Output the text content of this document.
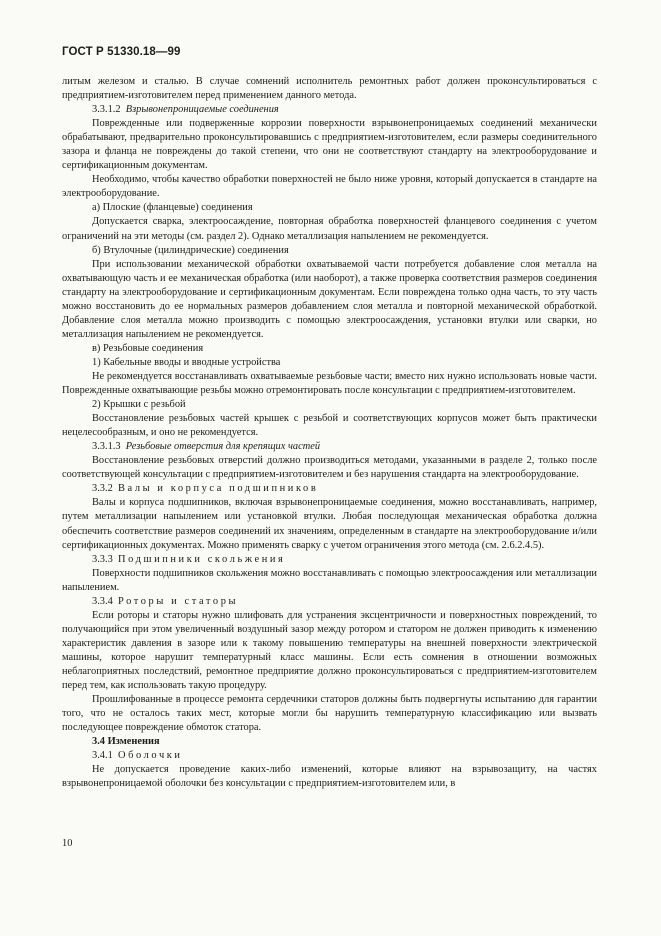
ГОСТ Р 51330.18—99

литым железом и сталью. В случае сомнений исполнитель ремонтных работ должен проконсультироваться с предприятием-изготовителем перед применением данного метода.

3.3.1.2 Взрывонепроницаемые соединения

Поврежденные или подверженные коррозии поверхности взрывонепроницаемых соединений механически обрабатывают, предварительно проконсультировавшись с предприятием-изготовителем, если размеры соединительного зазора и фланца не повреждены до такой степени, что они не соответствуют стандарту на электрооборудование и сертификационным документам.

Необходимо, чтобы качество обработки поверхностей не было ниже уровня, который допускается в стандарте на электрооборудование.

а) Плоские (фланцевые) соединения

Допускается сварка, электроосаждение, повторная обработка поверхностей фланцевого соединения с учетом ограничений на эти методы (см. раздел 2). Однако металлизация напылением не рекомендуется.

б) Втулочные (цилиндрические) соединения

При использовании механической обработки охватываемой части потребуется добавление слоя металла на охватывающую часть и ее механическая обработка (или наоборот), а также проверка соответствия размеров соединения стандарту на электрооборудование и сертификационным документам. Если повреждена только одна часть, то эту часть можно восстановить до ее нормальных размеров добавлением слоя металла и повторной механической обработкой. Добавление слоя металла можно производить с помощью электроосаждения, установки втулки или сварки, но металлизация напылением не рекомендуется.

в) Резьбовые соединения

1) Кабельные вводы и вводные устройства

Не рекомендуется восстанавливать охватываемые резьбовые части; вместо них нужно использовать новые части. Поврежденные охватывающие резьбы можно отремонтировать после консультации с предприятием-изготовителем.

2) Крышки с резьбой

Восстановление резьбовых частей крышек с резьбой и соответствующих корпусов может быть практически нецелесообразным, и оно не рекомендуется.

3.3.1.3 Резьбовые отверстия для крепящих частей

Восстановление резьбовых отверстий должно производиться методами, указанными в разделе 2, только после соответствующей консультации с предприятием-изготовителем и без нарушения стандарта на электрооборудование.

3.3.2 Валы и корпуса подшипников

Валы и корпуса подшипников, включая взрывонепроницаемые соединения, можно восстанавливать, например, путем металлизации напылением или установкой втулки. Любая последующая механическая обработка должна обеспечить соответствие размеров соединений их значениям, определенным в стандарте на электрооборудование и/или сертификационных документах. Можно применять сварку с учетом ограничения этого метода (см. 2.6.2.4.5).

3.3.3 Подшипники скольжения

Поверхности подшипников скольжения можно восстанавливать с помощью электроосаждения или металлизации напылением.

3.3.4 Роторы и статоры

Если роторы и статоры нужно шлифовать для устранения эксцентричности и поверхностных повреждений, то получающийся при этом увеличенный воздушный зазор между ротором и статором не должен приводить к изменению характеристик давления в зазоре или к такому повышению температуры на внешней поверхности электрической машины, которое нарушит температурный класс машины. Если есть сомнения в отношении возможных неблагоприятных последствий, ремонтное предприятие должно проконсультироваться с предприятием-изготовителем перед тем, как использовать такую процедуру.

Прошлифованные в процессе ремонта сердечники статоров должны быть подвергнуты испытанию для гарантии того, что не осталось таких мест, которые могли бы нарушить температурную классификацию или вызвать последующее повреждение обмоток статора.

3.4 Изменения

3.4.1 Оболочки

Не допускается проведение каких-либо изменений, которые влияют на взрывозащиту, на частях взрывонепроницаемой оболочки без консультации с предприятием-изготовителем или, в

10
